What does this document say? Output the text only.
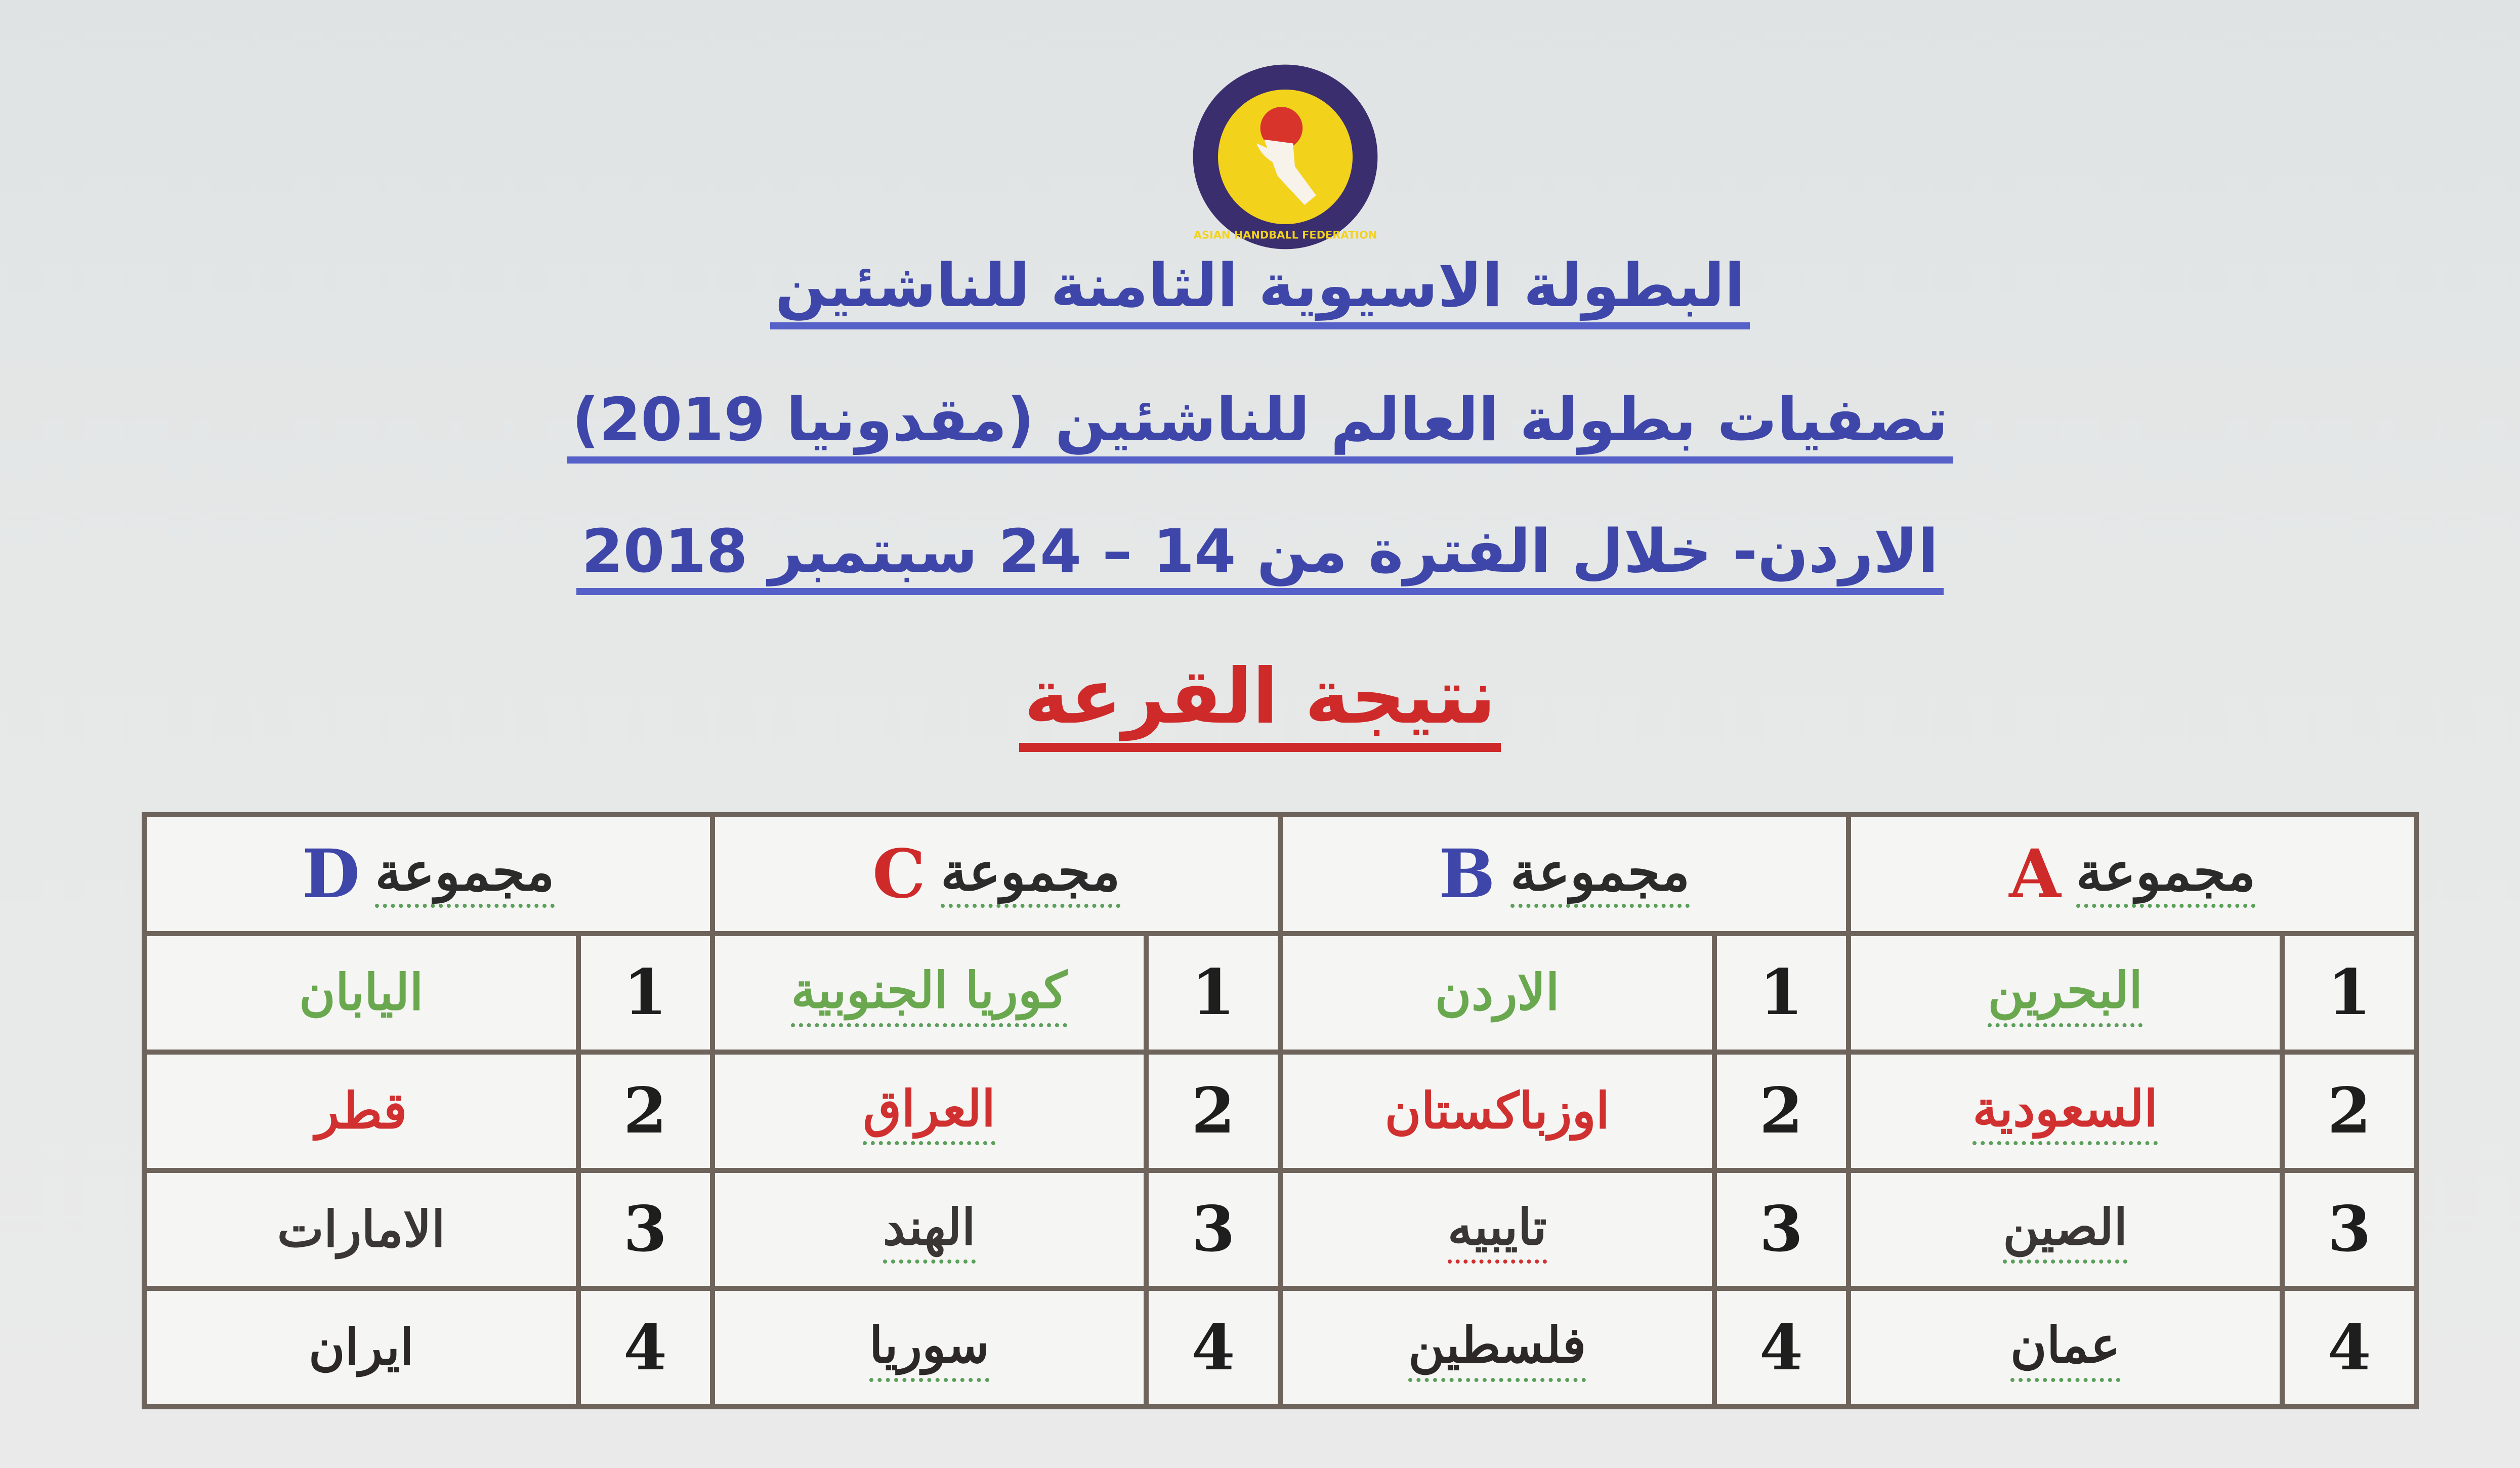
ASIAN HANDBALL FEDERATION
البطولة الاسيوية الثامنة للناشئين
تصفيات بطولة العالم للناشئين (مقدونيا 2019)
الاردن- خلال الفترة من 14 – 24 سبتمبر 2018
نتيجة القرعة
مجموعة
A
1
البحرين
2
السعودية
3
الصين
4
عمان
مجموعة
B
1
الاردن
2
اوزباكستان
3
تايبيه
4
فلسطين
مجموعة
C
1
كوريا الجنوبية
2
العراق
3
الهند
4
سوريا
مجموعة
D
1
اليابان
2
قطر
3
الامارات
4
ايران
